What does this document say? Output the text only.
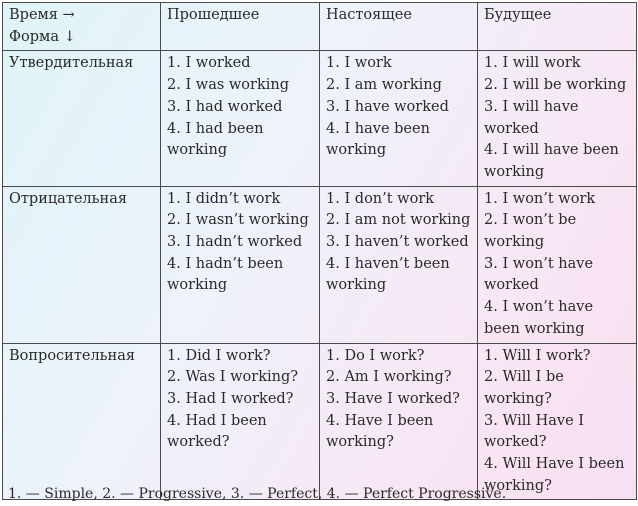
Время →
Форма ↓	Прошедшее	Настоящее	Будущее
Утвердительная	1. I worked
2. I was working
3. I had worked
4. I had been working	1. I work
2. I am working
3. I have worked
4. I have been working	1. I will work
2. I will be working
3. I will have worked
4. I will have been working

Отрицательная	1. I didn’t work
2. I wasn’t working
3. I hadn’t worked
4. I hadn’t been working	1. I don’t work
2. I am not working
3. I haven’t worked
4. I haven’t been working	1. I won’t work
2. I won’t be working
3. I won’t have worked
4. I won’t have been working

Вопросительная	1. Did I work?
2. Was I working?
3. Had I worked?
4. Had I been worked?	1. Do I work?
2. Am I working?
3. Have I worked?
4. Have I been working?	1. Will I work?
2. Will I be working?
3. Will Have I worked?
4. Will Have I been working?
1. — Simple, 2. — Progressive, 3. — Perfect, 4. — Perfect Progressive.
